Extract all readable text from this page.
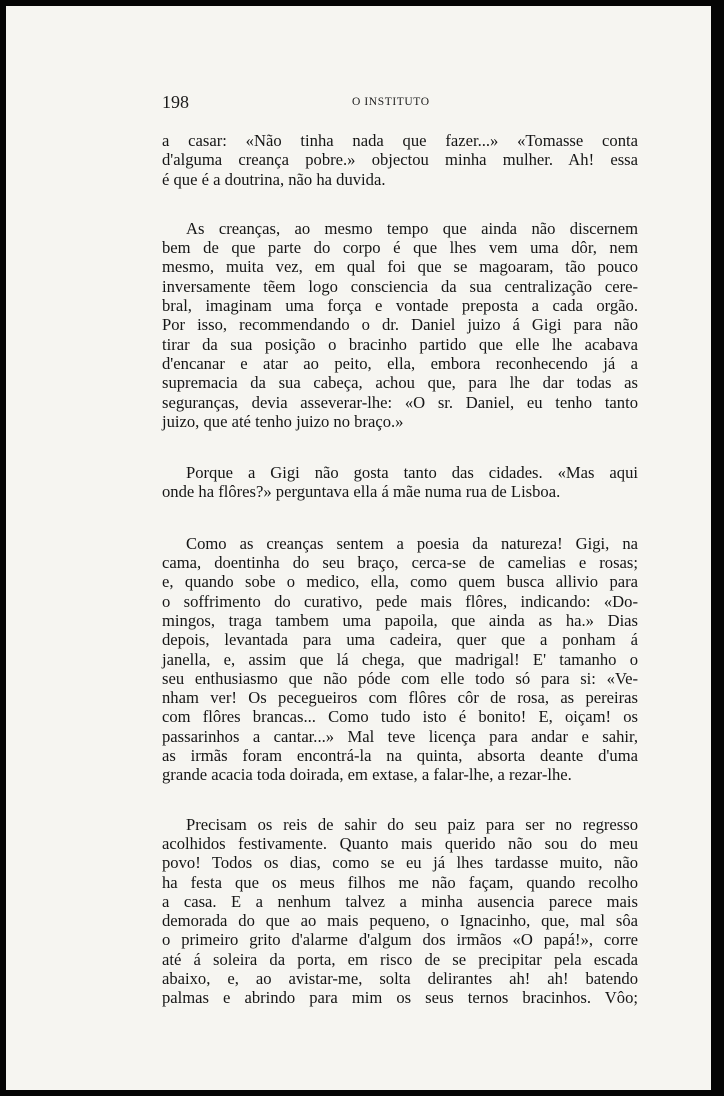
198	O INSTITUTO

a casar: «Não tinha nada que fazer...» «Tomasse conta
d'alguma creança pobre.» objectou minha mulher. Ah! essa
é que é a doutrina, não ha duvida.

As creanças, ao mesmo tempo que ainda não discernem
bem de que parte do corpo é que lhes vem uma dôr, nem
mesmo, muita vez, em qual foi que se magoaram, tão pouco
inversamente tẽem logo consciencia da sua centralização cere-
bral, imaginam uma força e vontade preposta a cada orgão.
Por isso, recommendando o dr. Daniel juizo á Gigi para não
tirar da sua posição o bracinho partido que elle lhe acabava
d'encanar e atar ao peito, ella, embora reconhecendo já a
supremacia da sua cabeça, achou que, para lhe dar todas as
seguranças, devia asseverar-lhe: «O sr. Daniel, eu tenho tanto
juizo, que até tenho juizo no braço.»

Porque a Gigi não gosta tanto das cidades. «Mas aqui
onde ha flôres?» perguntava ella á mãe numa rua de Lisboa.

Como as creanças sentem a poesia da natureza! Gigi, na
cama, doentinha do seu braço, cerca-se de camelias e rosas;
e, quando sobe o medico, ella, como quem busca allivio para
o soffrimento do curativo, pede mais flôres, indicando: «Do-
mingos, traga tambem uma papoila, que ainda as ha.» Dias
depois, levantada para uma cadeira, quer que a ponham á
janella, e, assim que lá chega, que madrigal! E' tamanho o
seu enthusiasmo que não póde com elle todo só para si: «Ve-
nham ver! Os pecegueiros com flôres côr de rosa, as pereiras
com flôres brancas... Como tudo isto é bonito! E, oiçam! os
passarinhos a cantar...» Mal teve licença para andar e sahir,
as irmãs foram encontrá-la na quinta, absorta deante d'uma
grande acacia toda doirada, em extase, a falar-lhe, a rezar-lhe.

Precisam os reis de sahir do seu paiz para ser no regresso
acolhidos festivamente. Quanto mais querido não sou do meu
povo! Todos os dias, como se eu já lhes tardasse muito, não
ha festa que os meus filhos me não façam, quando recolho
a casa. E a nenhum talvez a minha ausencia parece mais
demorada do que ao mais pequeno, o Ignacinho, que, mal sôa
o primeiro grito d'alarme d'algum dos irmãos «O papá!», corre
até á soleira da porta, em risco de se precipitar pela escada
abaixo, e, ao avistar-me, solta delirantes ah! ah! batendo
palmas e abrindo para mim os seus ternos bracinhos. Vôo;
